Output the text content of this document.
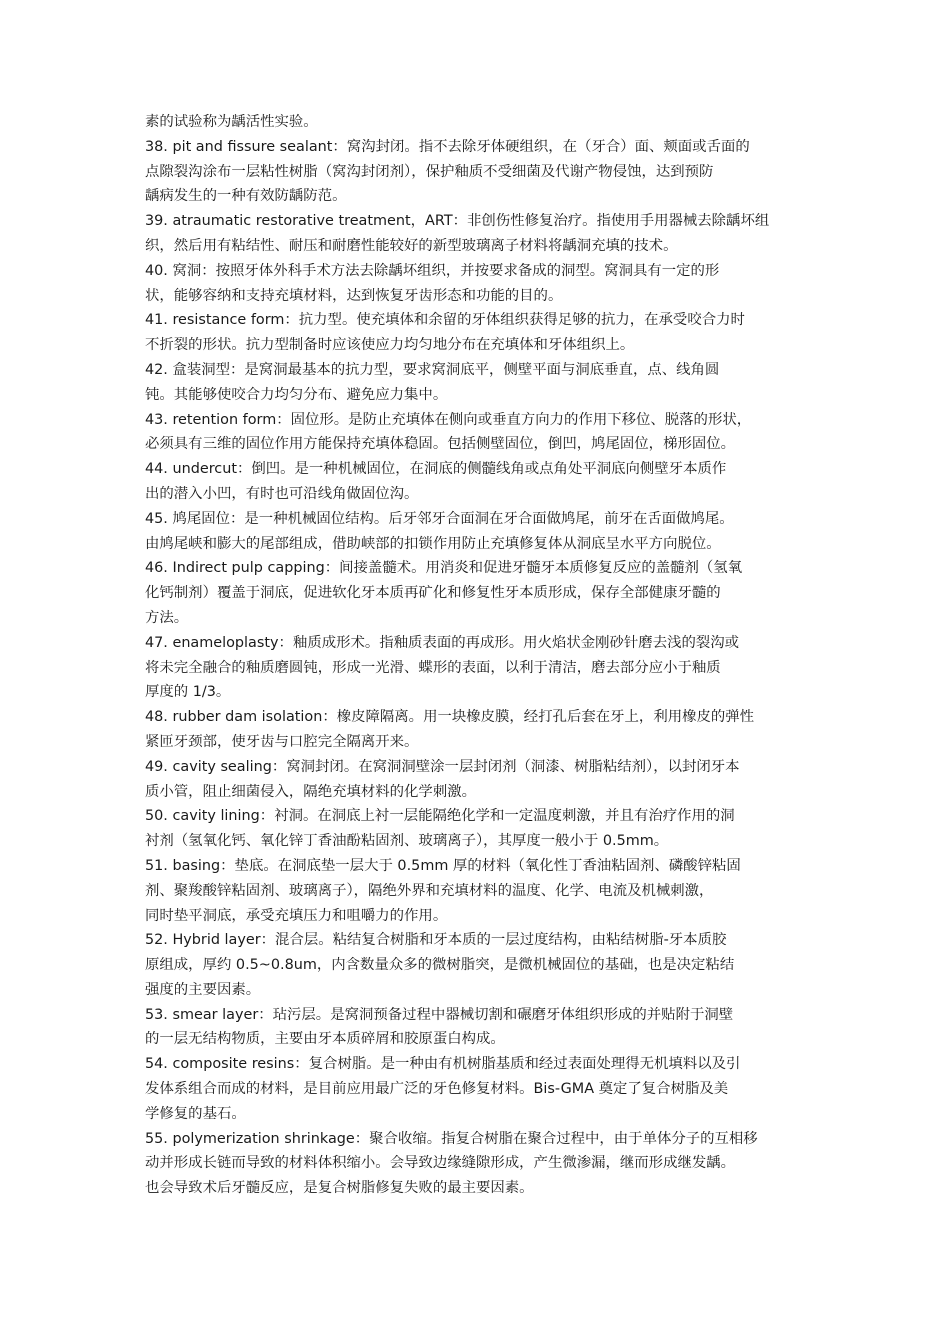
素的试验称为龋活性实验。
38. pit and fissure sealant：窝沟封闭。指不去除牙体硬组织，在（牙合）面、颊面或舌面的
点隙裂沟涂布一层粘性树脂（窝沟封闭剂），保护釉质不受细菌及代谢产物侵蚀，达到预防
龋病发生的一种有效防龋防范。
39. atraumatic restorative treatment，ART：非创伤性修复治疗。指使用手用器械去除龋坏组
织，然后用有粘结性、耐压和耐磨性能较好的新型玻璃离子材料将龋洞充填的技术。
40. 窝洞：按照牙体外科手术方法去除龋坏组织，并按要求备成的洞型。窝洞具有一定的形
状，能够容纳和支持充填材料，达到恢复牙齿形态和功能的目的。
41. resistance form：抗力型。使充填体和余留的牙体组织获得足够的抗力，在承受咬合力时
不折裂的形状。抗力型制备时应该使应力均匀地分布在充填体和牙体组织上。
42. 盒装洞型：是窝洞最基本的抗力型，要求窝洞底平，侧壁平面与洞底垂直，点、线角圆
钝。其能够使咬合力均匀分布、避免应力集中。
43. retention form：固位形。是防止充填体在侧向或垂直方向力的作用下移位、脱落的形状，
必须具有三维的固位作用方能保持充填体稳固。包括侧壁固位，倒凹，鸠尾固位，梯形固位。
44. undercut：倒凹。是一种机械固位，在洞底的侧髓线角或点角处平洞底向侧壁牙本质作
出的潜入小凹，有时也可沿线角做固位沟。
45. 鸠尾固位：是一种机械固位结构。后牙邻牙合面洞在牙合面做鸠尾，前牙在舌面做鸠尾。
由鸠尾峡和膨大的尾部组成，借助峡部的扣锁作用防止充填修复体从洞底呈水平方向脱位。
46. Indirect pulp capping：间接盖髓术。用消炎和促进牙髓牙本质修复反应的盖髓剂（氢氧
化钙制剂）覆盖于洞底，促进软化牙本质再矿化和修复性牙本质形成，保存全部健康牙髓的
方法。
47. enameloplasty：釉质成形术。指釉质表面的再成形。用火焰状金刚砂针磨去浅的裂沟或
将未完全融合的釉质磨圆钝，形成一光滑、蝶形的表面，以利于清洁，磨去部分应小于釉质
厚度的 1/3。
48. rubber dam isolation：橡皮障隔离。用一块橡皮膜，经打孔后套在牙上，利用橡皮的弹性
紧匝牙颈部，使牙齿与口腔完全隔离开来。
49. cavity sealing：窝洞封闭。在窝洞洞壁涂一层封闭剂（洞漆、树脂粘结剂），以封闭牙本
质小管，阻止细菌侵入，隔绝充填材料的化学刺激。
50. cavity lining：衬洞。在洞底上衬一层能隔绝化学和一定温度刺激，并且有治疗作用的洞
衬剂（氢氧化钙、氧化锌丁香油酚粘固剂、玻璃离子），其厚度一般小于 0.5mm。
51. basing：垫底。在洞底垫一层大于 0.5mm 厚的材料（氧化性丁香油粘固剂、磷酸锌粘固
剂、聚羧酸锌粘固剂、玻璃离子），隔绝外界和充填材料的温度、化学、电流及机械刺激，
同时垫平洞底，承受充填压力和咀嚼力的作用。
52. Hybrid layer：混合层。粘结复合树脂和牙本质的一层过度结构，由粘结树脂-牙本质胶
原组成，厚约 0.5~0.8um，内含数量众多的微树脂突，是微机械固位的基础，也是决定粘结
强度的主要因素。
53. smear layer：玷污层。是窝洞预备过程中器械切割和碾磨牙体组织形成的并贴附于洞壁
的一层无结构物质，主要由牙本质碎屑和胶原蛋白构成。
54. composite resins：复合树脂。是一种由有机树脂基质和经过表面处理得无机填料以及引
发体系组合而成的材料，是目前应用最广泛的牙色修复材料。Bis-GMA 奠定了复合树脂及美
学修复的基石。
55. polymerization shrinkage：聚合收缩。指复合树脂在聚合过程中，由于单体分子的互相移
动并形成长链而导致的材料体积缩小。会导致边缘缝隙形成，产生微渗漏，继而形成继发龋。
也会导致术后牙髓反应，是复合树脂修复失败的最主要因素。
